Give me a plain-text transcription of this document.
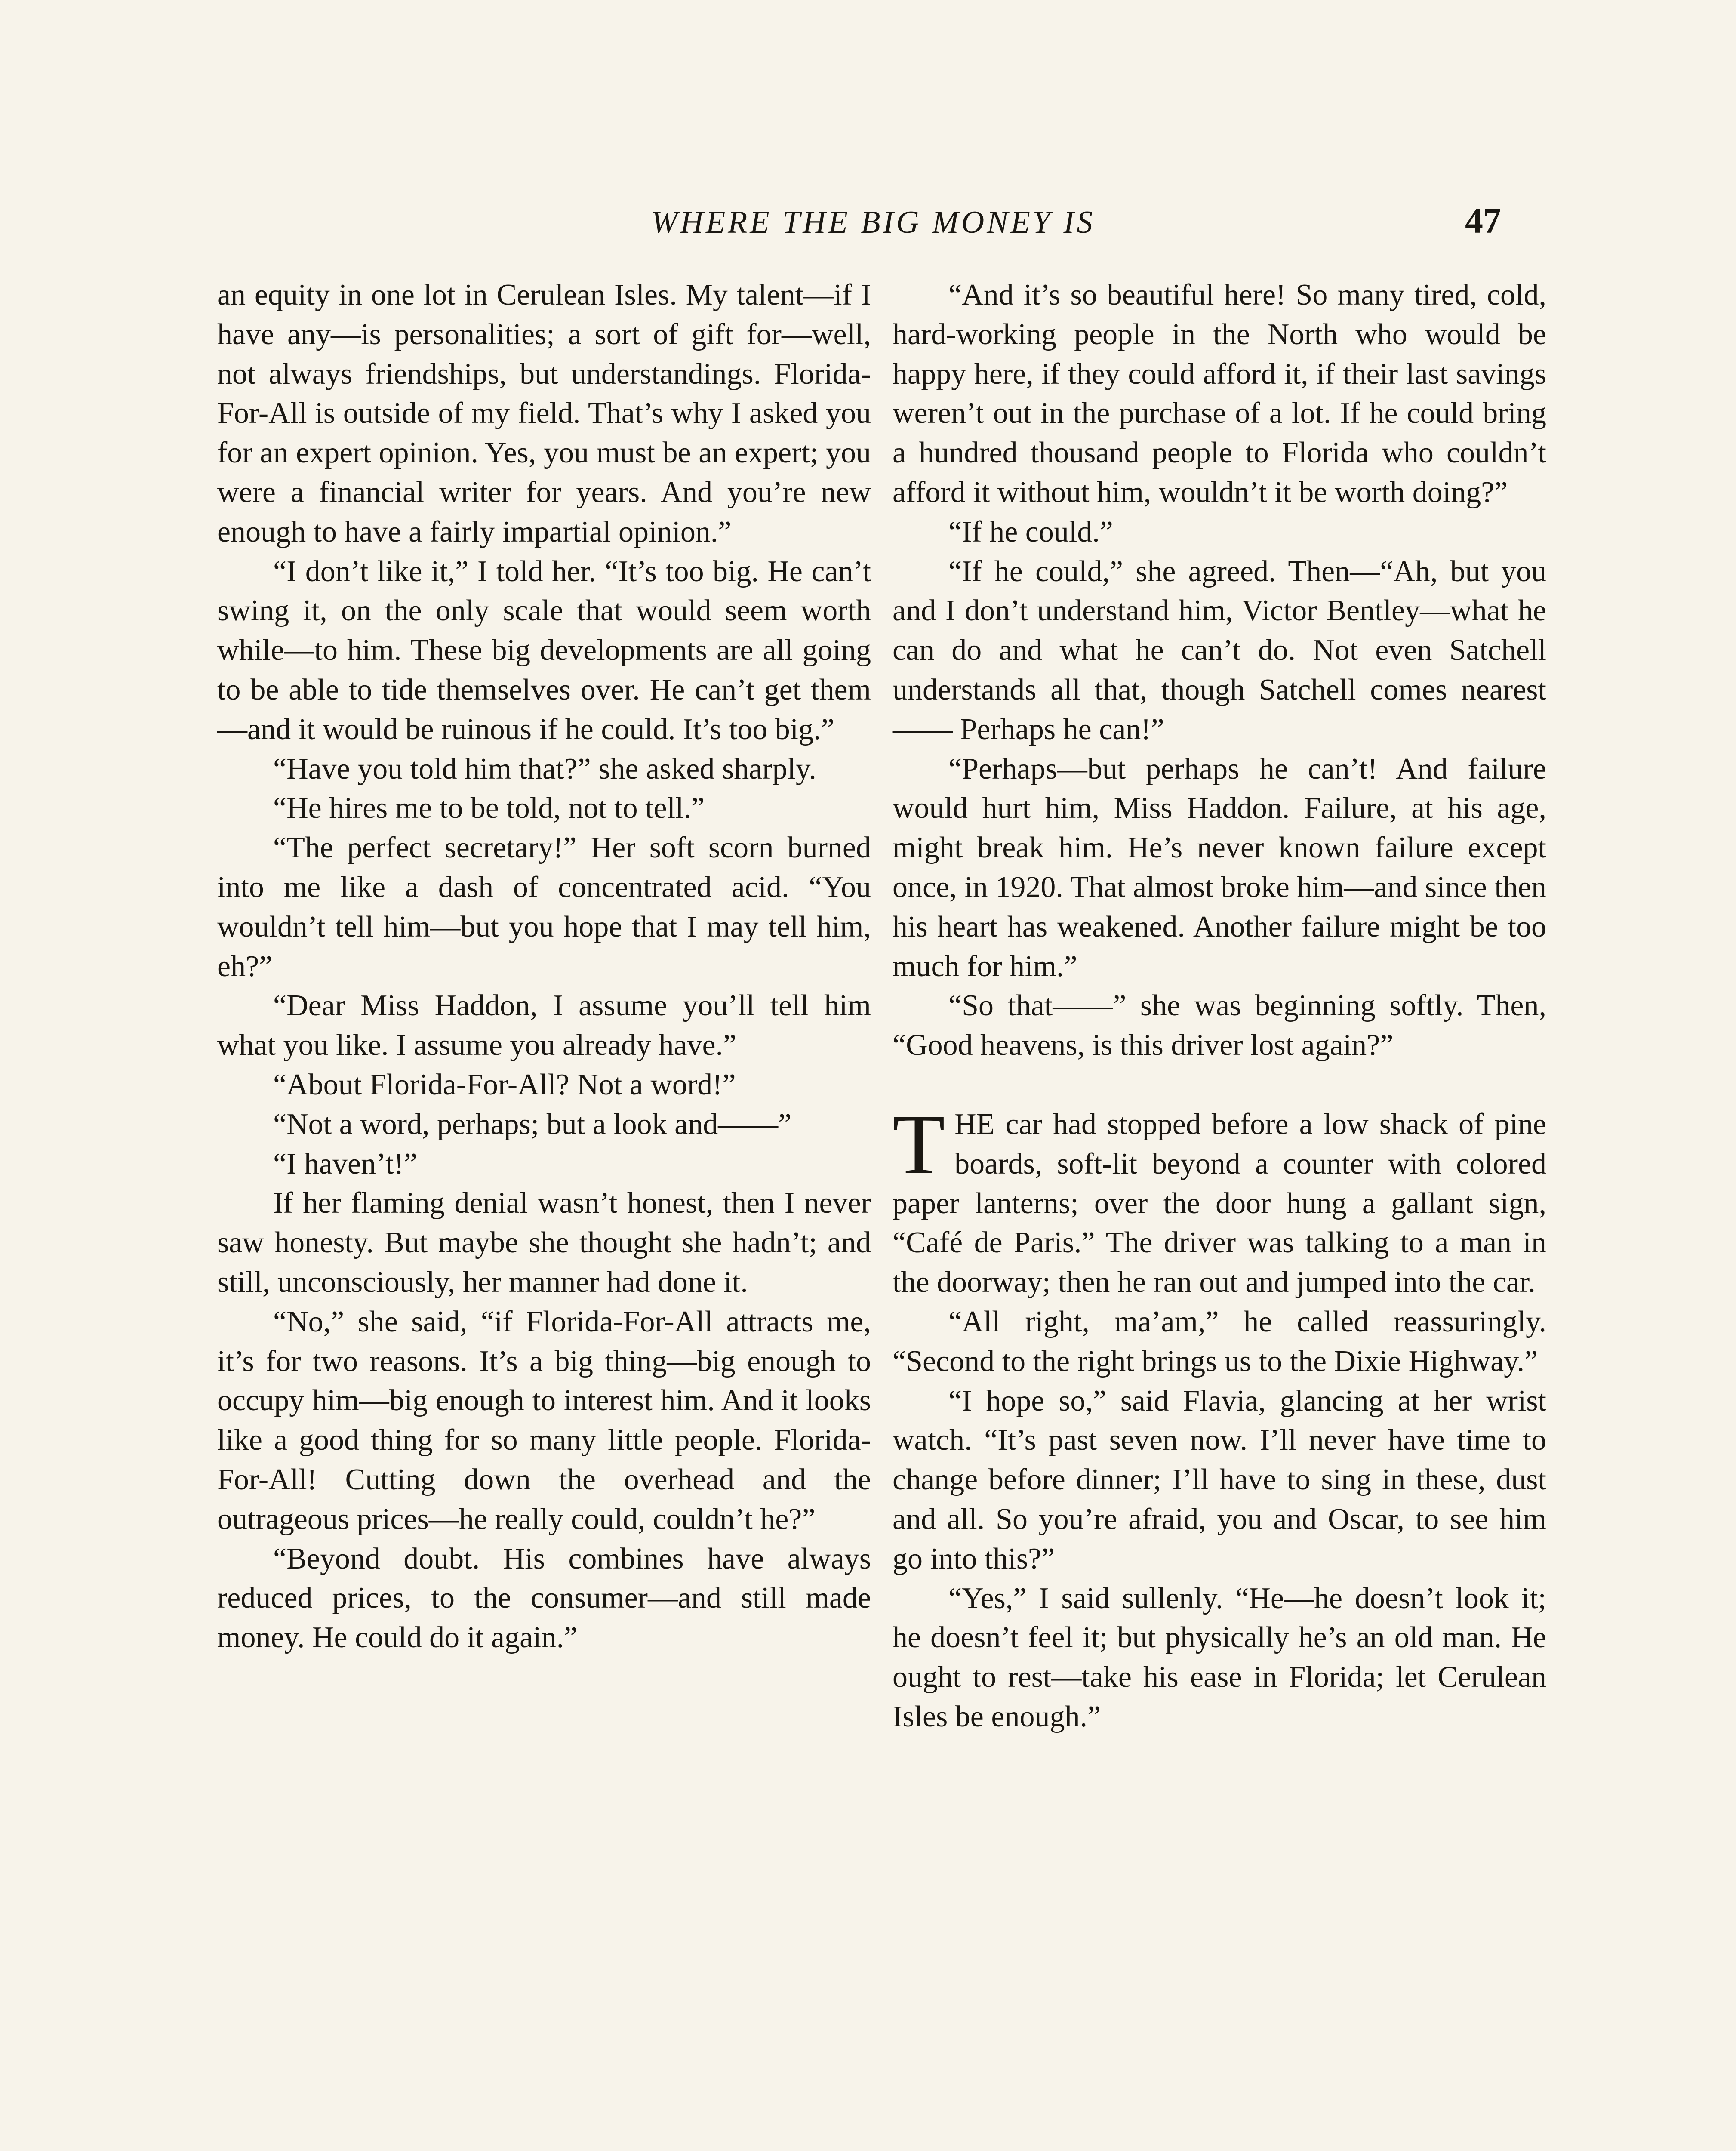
WHERE THE BIG MONEY IS	47

an equity in one lot in Cerulean Isles. My talent—if I have any—is personalities; a sort of gift for—well, not always friendships, but understandings. Florida-For-All is outside of my field. That’s why I asked you for an expert opinion. Yes, you must be an expert; you were a financial writer for years. And you’re new enough to have a fairly impartial opinion.”

“I don’t like it,” I told her. “It’s too big. He can’t swing it, on the only scale that would seem worth while—to him. These big developments are all going to be able to tide themselves over. He can’t get them—and it would be ruinous if he could. It’s too big.”

“Have you told him that?” she asked sharply.

“He hires me to be told, not to tell.”

“The perfect secretary!” Her soft scorn burned into me like a dash of concentrated acid. “You wouldn’t tell him—but you hope that I may tell him, eh?”

“Dear Miss Haddon, I assume you’ll tell him what you like. I assume you already have.”

“About Florida-For-All? Not a word!”

“Not a word, perhaps; but a look and——”

“I haven’t!”

If her flaming denial wasn’t honest, then I never saw honesty. But maybe she thought she hadn’t; and still, unconsciously, her manner had done it.

“No,” she said, “if Florida-For-All attracts me, it’s for two reasons. It’s a big thing—big enough to occupy him—big enough to interest him. And it looks like a good thing for so many little people. Florida-For-All! Cutting down the overhead and the outrageous prices—he really could, couldn’t he?”

“Beyond doubt. His combines have always reduced prices, to the consumer—and still made money. He could do it again.”

“And it’s so beautiful here! So many tired, cold, hard-working people in the North who would be happy here, if they could afford it, if their last savings weren’t out in the purchase of a lot. If he could bring a hundred thousand people to Florida who couldn’t afford it without him, wouldn’t it be worth doing?”

“If he could.”

“If he could,” she agreed. Then—“Ah, but you and I don’t understand him, Victor Bentley—what he can do and what he can’t do. Not even Satchell understands all that, though Satchell comes nearest—— Perhaps he can!”

“Perhaps—but perhaps he can’t! And failure would hurt him, Miss Haddon. Failure, at his age, might break him. He’s never known failure except once, in 1920. That almost broke him—and since then his heart has weakened. Another failure might be too much for him.”

“So that——” she was beginning softly. Then, “Good heavens, is this driver lost again?”

THE car had stopped before a low shack of pine boards, soft-lit beyond a counter with colored paper lanterns; over the door hung a gallant sign, “Café de Paris.” The driver was talking to a man in the doorway; then he ran out and jumped into the car.

“All right, ma’am,” he called reassuringly. “Second to the right brings us to the Dixie Highway.”

“I hope so,” said Flavia, glancing at her wrist watch. “It’s past seven now. I’ll never have time to change before dinner; I’ll have to sing in these, dust and all. So you’re afraid, you and Oscar, to see him go into this?”

“Yes,” I said sullenly. “He—he doesn’t look it; he doesn’t feel it; but physically he’s an old man. He ought to rest—take his ease in Florida; let Cerulean Isles be enough.”
